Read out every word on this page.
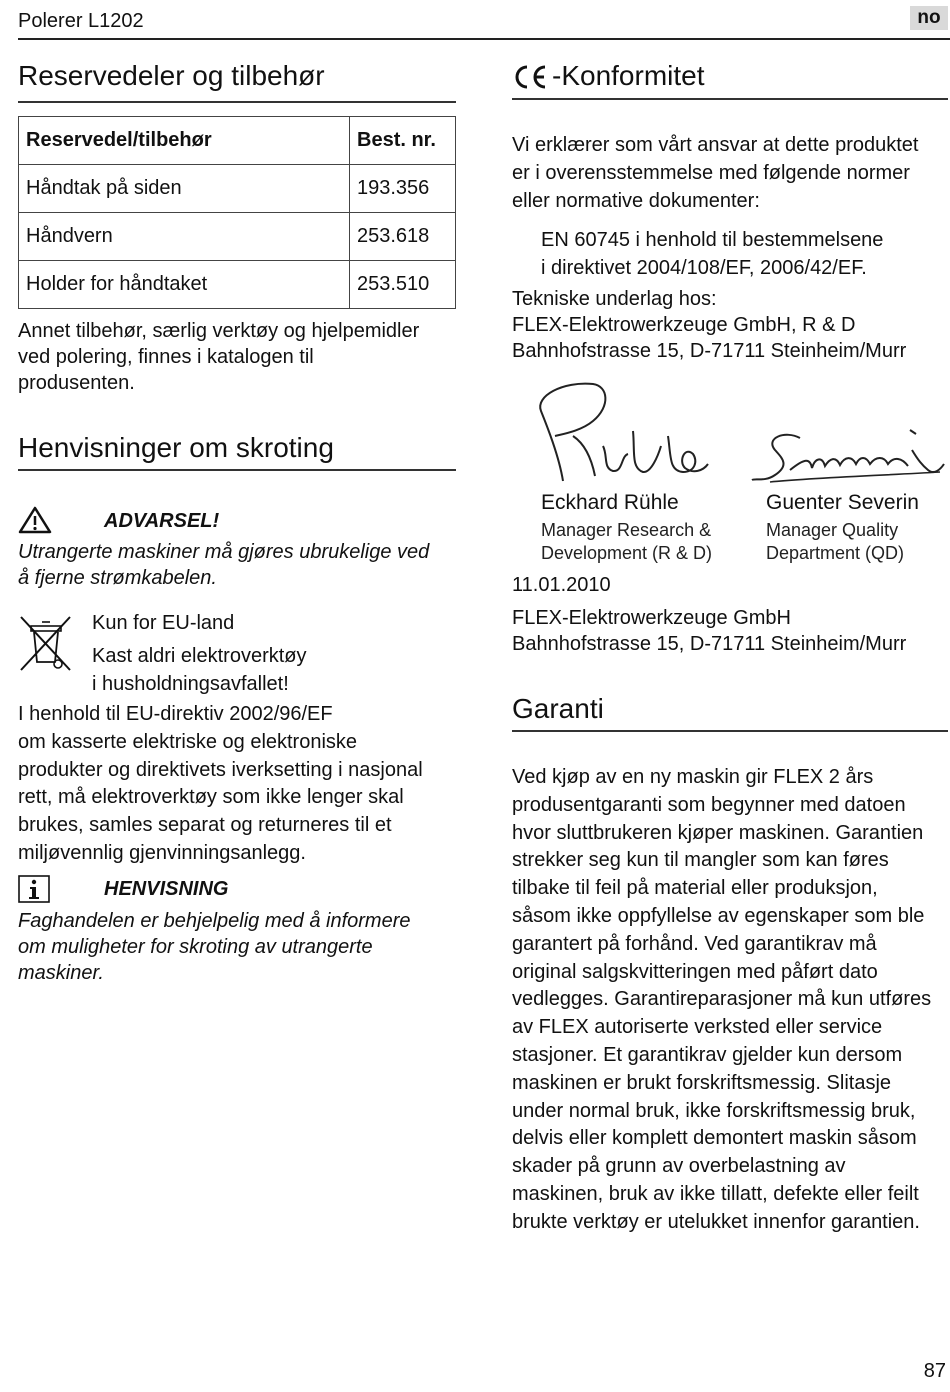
Polerer L1202	no
Reservedeler og tilbehør
Reservedel/tilbehør	Best. nr.
Håndtak på siden	193.356
Håndvern	253.618
Holder for håndtaket	253.510
Annet tilbehør, særlig verktøy og hjelpemidler
ved polering, finnes i katalogen til
produsenten.
Henvisninger om skroting
ADVARSEL!
Utrangerte maskiner må gjøres ubrukelige ved
å fjerne strømkabelen.
Kun for EU-land
Kast aldri elektroverktøy
i husholdningsavfallet!
I henhold til EU-direktiv 2002/96/EF
om kasserte elektriske og elektroniske
produkter og direktivets iverksetting i nasjonal
rett, må elektroverktøy som ikke lenger skal
brukes, samles separat og returneres til et
miljøvennlig gjenvinningsanlegg.
HENVISNING
Faghandelen er behjelpelig med å informere
om muligheter for skroting av utrangerte
maskiner.
-Konformitet
Vi erklærer som vårt ansvar at dette produktet
er i overensstemmelse med følgende normer
eller normative dokumenter:
EN 60745 i henhold til bestemmelsene
i direktivet 2004/108/EF, 2006/42/EF.
Tekniske underlag hos:
FLEX-Elektrowerkzeuge GmbH, R & D
Bahnhofstrasse 15, D-71711 Steinheim/Murr
Eckhard Rühle
Manager Research &
Development (R & D)
Guenter Severin
Manager Quality
Department (QD)
11.01.2010
FLEX-Elektrowerkzeuge GmbH
Bahnhofstrasse 15, D-71711 Steinheim/Murr
Garanti
Ved kjøp av en ny maskin gir FLEX 2 års
produsentgaranti som begynner med datoen
hvor sluttbrukeren kjøper maskinen. Garantien
strekker seg kun til mangler som kan føres
tilbake til feil på material eller produksjon,
såsom ikke oppfyllelse av egenskaper som ble
garantert på forhånd. Ved garantikrav må
original salgskvitteringen med påført dato
vedlegges. Garantireparasjoner må kun utføres
av FLEX autoriserte verksted eller service
stasjoner. Et garantikrav gjelder kun dersom
maskinen er brukt forskriftsmessig. Slitasje
under normal bruk, ikke forskriftsmessig bruk,
delvis eller komplett demontert maskin såsom
skader på grunn av overbelastning av
maskinen, bruk av ikke tillatt, defekte eller feilt
brukte verktøy er utelukket innenfor garantien.
87
